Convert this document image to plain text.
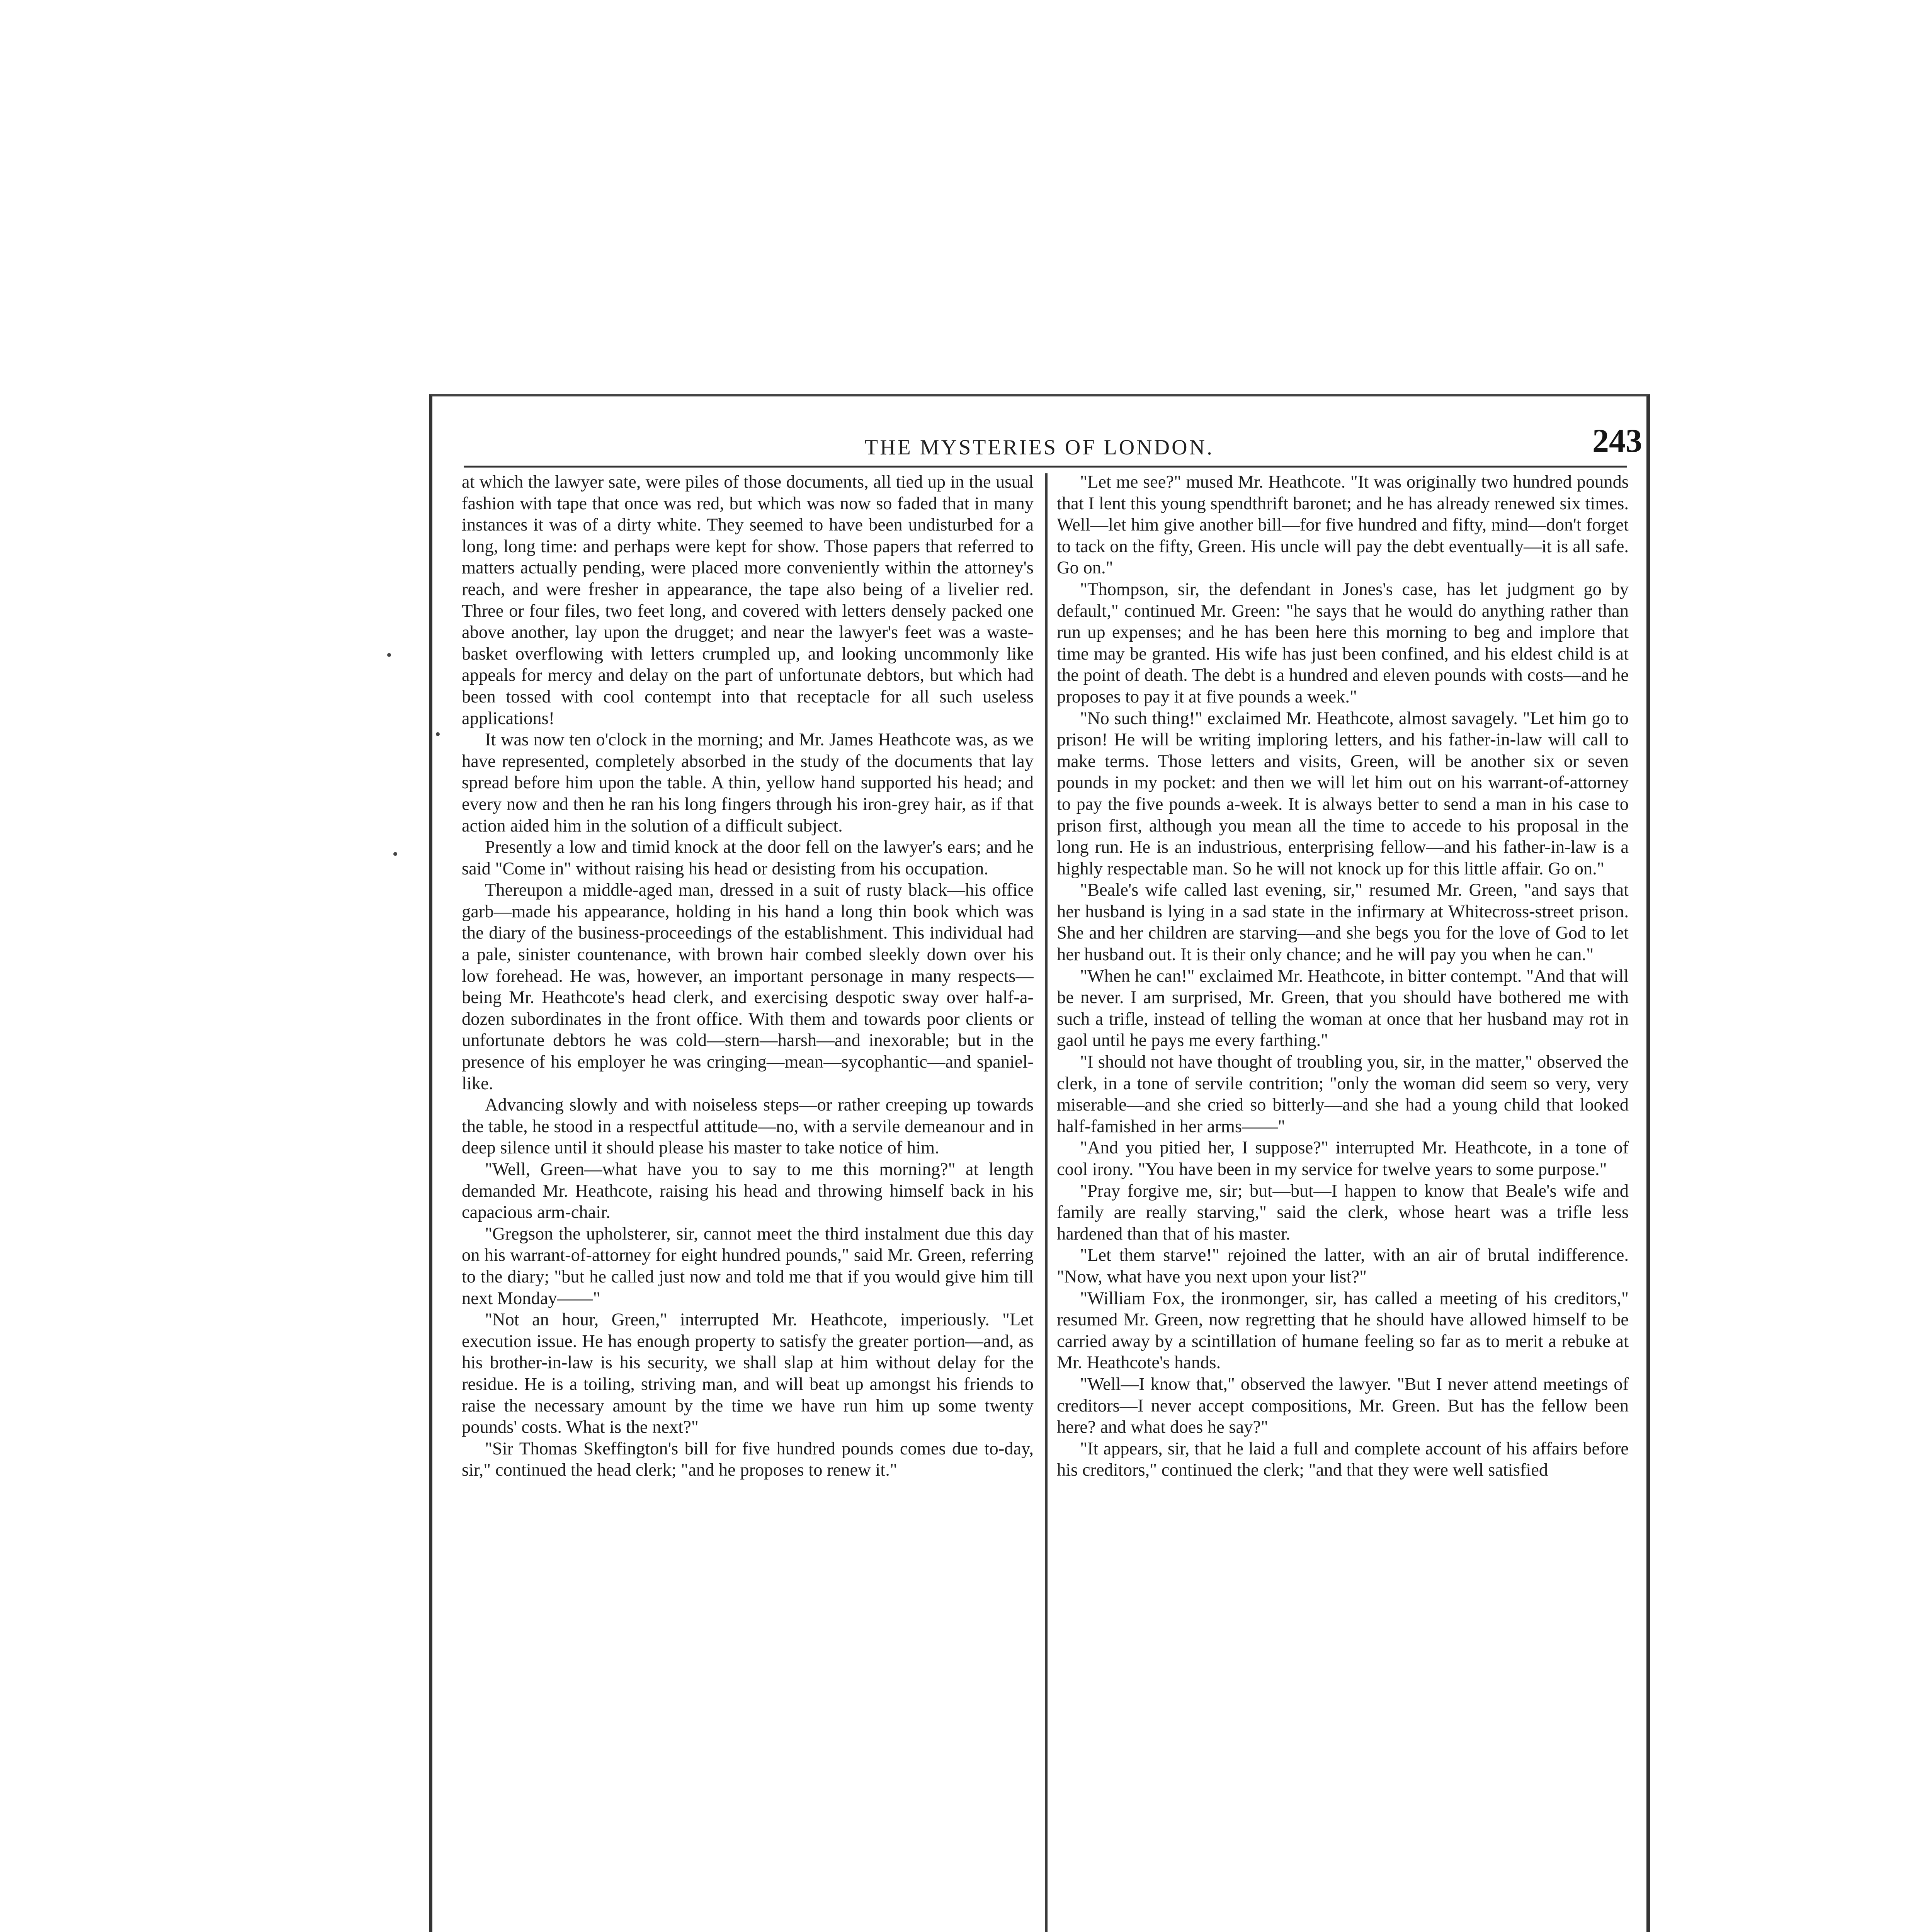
THE MYSTERIES OF LONDON.	243

at which the lawyer sate, were piles of those documents, all tied up in the usual fashion with tape that once was red, but which was now so faded that in many instances it was of a dirty white. They seemed to have been undisturbed for a long, long time: and perhaps were kept for show. Those papers that referred to matters actually pending, were placed more conveniently within the attorney's reach, and were fresher in appearance, the tape also being of a livelier red. Three or four files, two feet long, and covered with letters densely packed one above another, lay upon the drugget; and near the lawyer's feet was a waste-basket overflowing with letters crumpled up, and looking uncommonly like appeals for mercy and delay on the part of unfortunate debtors, but which had been tossed with cool contempt into that receptacle for all such useless applications!

It was now ten o'clock in the morning; and Mr. James Heathcote was, as we have represented, completely absorbed in the study of the documents that lay spread before him upon the table. A thin, yellow hand supported his head; and every now and then he ran his long fingers through his iron-grey hair, as if that action aided him in the solution of a difficult subject.

Presently a low and timid knock at the door fell on the lawyer's ears; and he said "Come in" without raising his head or desisting from his occupation.

Thereupon a middle-aged man, dressed in a suit of rusty black—his office garb—made his appearance, holding in his hand a long thin book which was the diary of the business-proceedings of the establishment. This individual had a pale, sinister countenance, with brown hair combed sleekly down over his low forehead. He was, however, an important personage in many respects—being Mr. Heathcote's head clerk, and exercising despotic sway over half-a-dozen subordinates in the front office. With them and towards poor clients or unfortunate debtors he was cold—stern—harsh—and inexorable; but in the presence of his employer he was cringing—mean—sycophantic—and spaniel-like.

Advancing slowly and with noiseless steps—or rather creeping up towards the table, he stood in a respectful attitude—no, with a servile demeanour and in deep silence until it should please his master to take notice of him.

"Well, Green—what have you to say to me this morning?" at length demanded Mr. Heathcote, raising his head and throwing himself back in his capacious arm-chair.

"Gregson the upholsterer, sir, cannot meet the third instalment due this day on his warrant-of-attorney for eight hundred pounds," said Mr. Green, referring to the diary; "but he called just now and told me that if you would give him till next Monday——"

"Not an hour, Green," interrupted Mr. Heathcote, imperiously. "Let execution issue. He has enough property to satisfy the greater portion—and, as his brother-in-law is his security, we shall slap at him without delay for the residue. He is a toiling, striving man, and will beat up amongst his friends to raise the necessary amount by the time we have run him up some twenty pounds' costs. What is the next?"

"Sir Thomas Skeffington's bill for five hundred pounds comes due to-day, sir," continued the head clerk; "and he proposes to renew it."

"Let me see?" mused Mr. Heathcote. "It was originally two hundred pounds that I lent this young spendthrift baronet; and he has already renewed six times. Well—let him give another bill—for five hundred and fifty, mind—don't forget to tack on the fifty, Green. His uncle will pay the debt eventually—it is all safe. Go on."

"Thompson, sir, the defendant in Jones's case, has let judgment go by default," continued Mr. Green: "he says that he would do anything rather than run up expenses; and he has been here this morning to beg and implore that time may be granted. His wife has just been confined, and his eldest child is at the point of death. The debt is a hundred and eleven pounds with costs—and he proposes to pay it at five pounds a week."

"No such thing!" exclaimed Mr. Heathcote, almost savagely. "Let him go to prison! He will be writing imploring letters, and his father-in-law will call to make terms. Those letters and visits, Green, will be another six or seven pounds in my pocket: and then we will let him out on his warrant-of-attorney to pay the five pounds a-week. It is always better to send a man in his case to prison first, although you mean all the time to accede to his proposal in the long run. He is an industrious, enterprising fellow—and his father-in-law is a highly respectable man. So he will not knock up for this little affair. Go on."

"Beale's wife called last evening, sir," resumed Mr. Green, "and says that her husband is lying in a sad state in the infirmary at Whitecross-street prison. She and her children are starving—and she begs you for the love of God to let her husband out. It is their only chance; and he will pay you when he can."

"When he can!" exclaimed Mr. Heathcote, in bitter contempt. "And that will be never. I am surprised, Mr. Green, that you should have bothered me with such a trifle, instead of telling the woman at once that her husband may rot in gaol until he pays me every farthing."

"I should not have thought of troubling you, sir, in the matter," observed the clerk, in a tone of servile contrition; "only the woman did seem so very, very miserable—and she cried so bitterly—and she had a young child that looked half-famished in her arms——"

"And you pitied her, I suppose?" interrupted Mr. Heathcote, in a tone of cool irony. "You have been in my service for twelve years to some purpose."

"Pray forgive me, sir; but—but—I happen to know that Beale's wife and family are really starving," said the clerk, whose heart was a trifle less hardened than that of his master.

"Let them starve!" rejoined the latter, with an air of brutal indifference. "Now, what have you next upon your list?"

"William Fox, the ironmonger, sir, has called a meeting of his creditors," resumed Mr. Green, now regretting that he should have allowed himself to be carried away by a scintillation of humane feeling so far as to merit a rebuke at Mr. Heathcote's hands.

"Well—I know that," observed the lawyer. "But I never attend meetings of creditors—I never accept compositions, Mr. Green. But has the fellow been here? and what does he say?"

"It appears, sir, that he laid a full and complete account of his affairs before his creditors," continued the clerk; "and that they were well satisfied
